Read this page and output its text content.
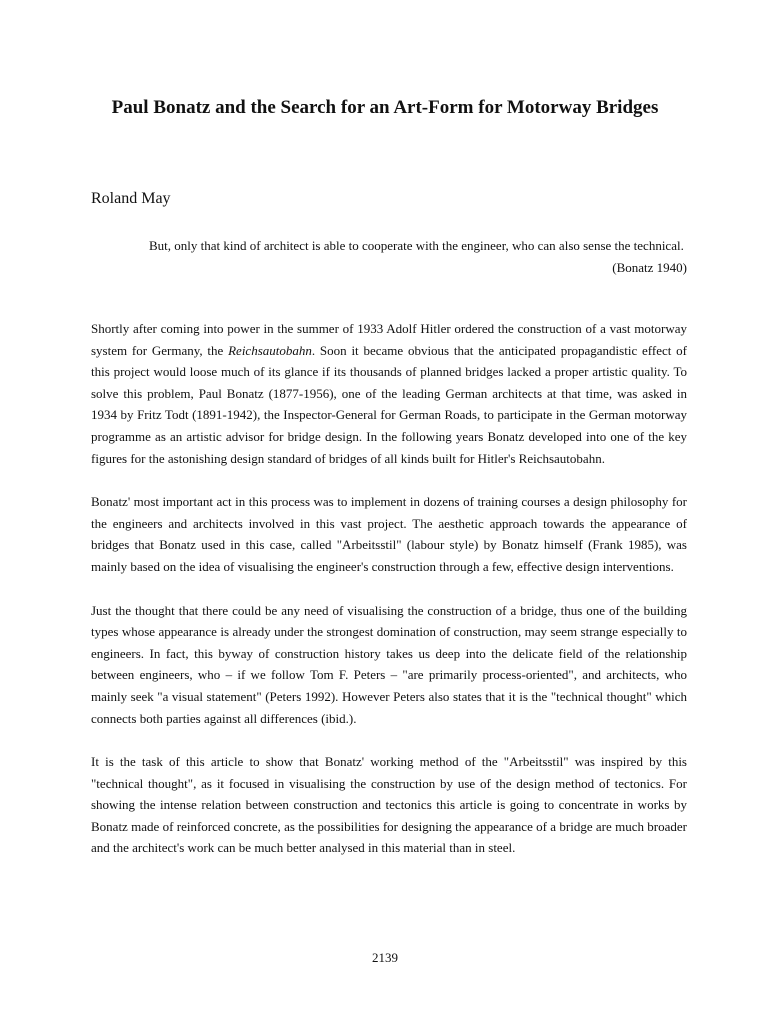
Paul Bonatz and the Search for an Art-Form for Motorway Bridges
Roland May
But, only that kind of architect is able to cooperate with the engineer, who can also sense the technical.
(Bonatz 1940)

Shortly after coming into power in the summer of 1933 Adolf Hitler ordered the construction of a vast motorway system for Germany, the Reichsautobahn. Soon it became obvious that the anticipated propagandistic effect of this project would loose much of its glance if its thousands of planned bridges lacked a proper artistic quality. To solve this problem, Paul Bonatz (1877-1956), one of the leading German architects at that time, was asked in 1934 by Fritz Todt (1891-1942), the Inspector-General for German Roads, to participate in the German motorway programme as an artistic advisor for bridge design. In the following years Bonatz developed into one of the key figures for the astonishing design standard of bridges of all kinds built for Hitler's Reichsautobahn.

Bonatz' most important act in this process was to implement in dozens of training courses a design philosophy for the engineers and architects involved in this vast project. The aesthetic approach towards the appearance of bridges that Bonatz used in this case, called "Arbeitsstil" (labour style) by Bonatz himself (Frank 1985), was mainly based on the idea of visualising the engineer's construction through a few, effective design interventions.

Just the thought that there could be any need of visualising the construction of a bridge, thus one of the building types whose appearance is already under the strongest domination of construction, may seem strange especially to engineers. In fact, this byway of construction history takes us deep into the delicate field of the relationship between engineers, who – if we follow Tom F. Peters – "are primarily process-oriented", and architects, who mainly seek "a visual statement" (Peters 1992). However Peters also states that it is the "technical thought" which connects both parties against all differences (ibid.).

It is the task of this article to show that Bonatz' working method of the "Arbeitsstil" was inspired by this "technical thought", as it focused in visualising the construction by use of the design method of tectonics. For showing the intense relation between construction and tectonics this article is going to concentrate in works by Bonatz made of reinforced concrete, as the possibilities for designing the appearance of a bridge are much broader and the architect's work can be much better analysed in this material than in steel.

2139
